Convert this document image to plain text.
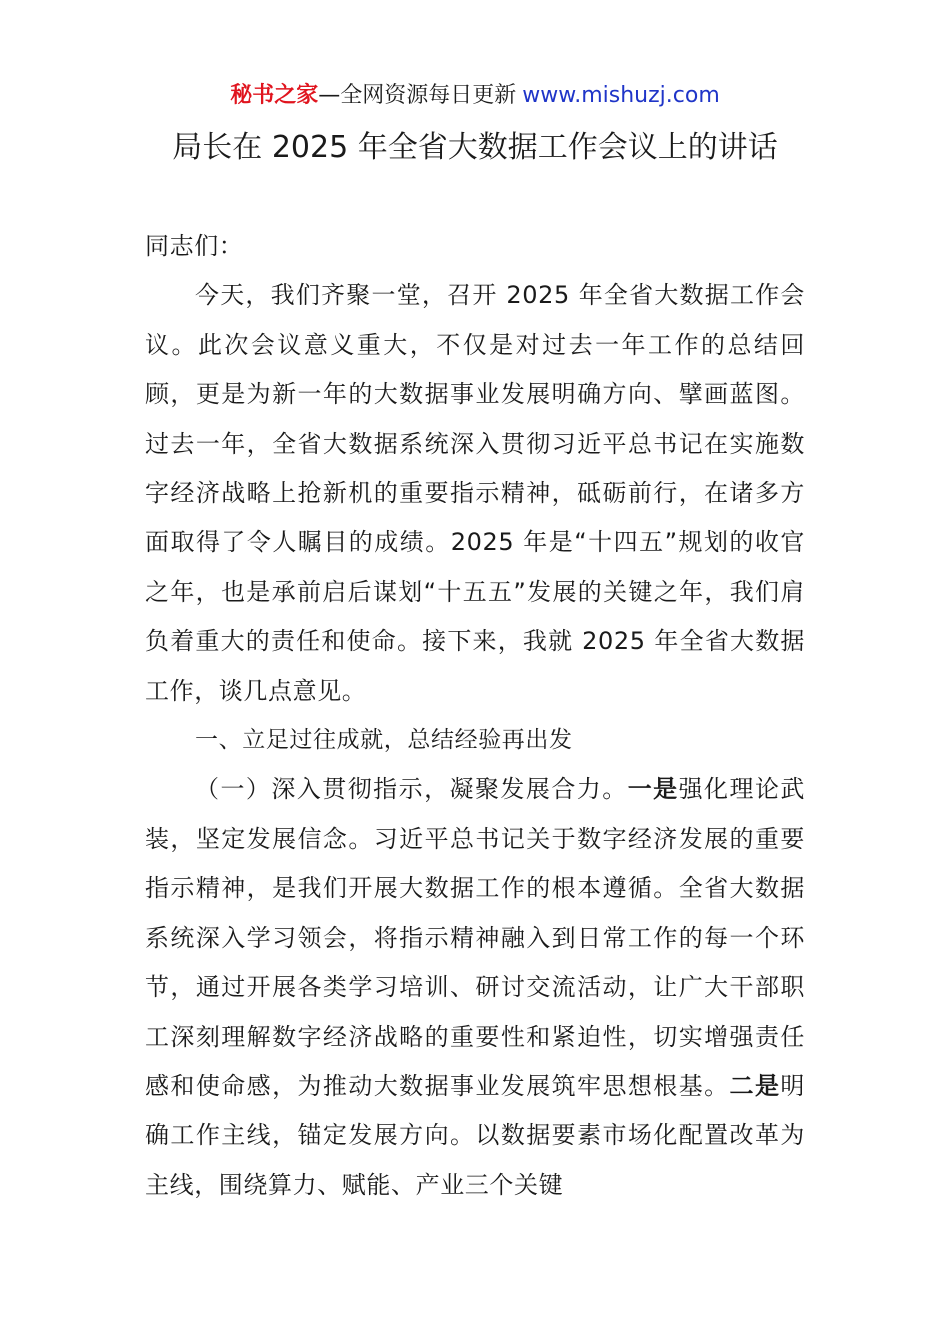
秘书之家—全网资源每日更新 www.mishuzj.com
局长在 2025 年全省大数据工作会议上的讲话

同志们：

今天，我们齐聚一堂，召开 2025 年全省大数据工作会议。此次会议意义重大，不仅是对过去一年工作的总结回顾，更是为新一年的大数据事业发展明确方向、擘画蓝图。过去一年，全省大数据系统深入贯彻习近平总书记在实施数字经济战略上抢新机的重要指示精神，砥砺前行，在诸多方面取得了令人瞩目的成绩。2025 年是“十四五”规划的收官之年，也是承前启后谋划“十五五”发展的关键之年，我们肩负着重大的责任和使命。接下来，我就 2025 年全省大数据工作，谈几点意见。

一、立足过往成就，总结经验再出发

（一）深入贯彻指示，凝聚发展合力。一是强化理论武装，坚定发展信念。习近平总书记关于数字经济发展的重要指示精神，是我们开展大数据工作的根本遵循。全省大数据系统深入学习领会，将指示精神融入到日常工作的每一个环节，通过开展各类学习培训、研讨交流活动，让广大干部职工深刻理解数字经济战略的重要性和紧迫性，切实增强责任感和使命感，为推动大数据事业发展筑牢思想根基。二是明确工作主线，锚定发展方向。以数据要素市场化配置改革为主线，围绕算力、赋能、产业三个关键
